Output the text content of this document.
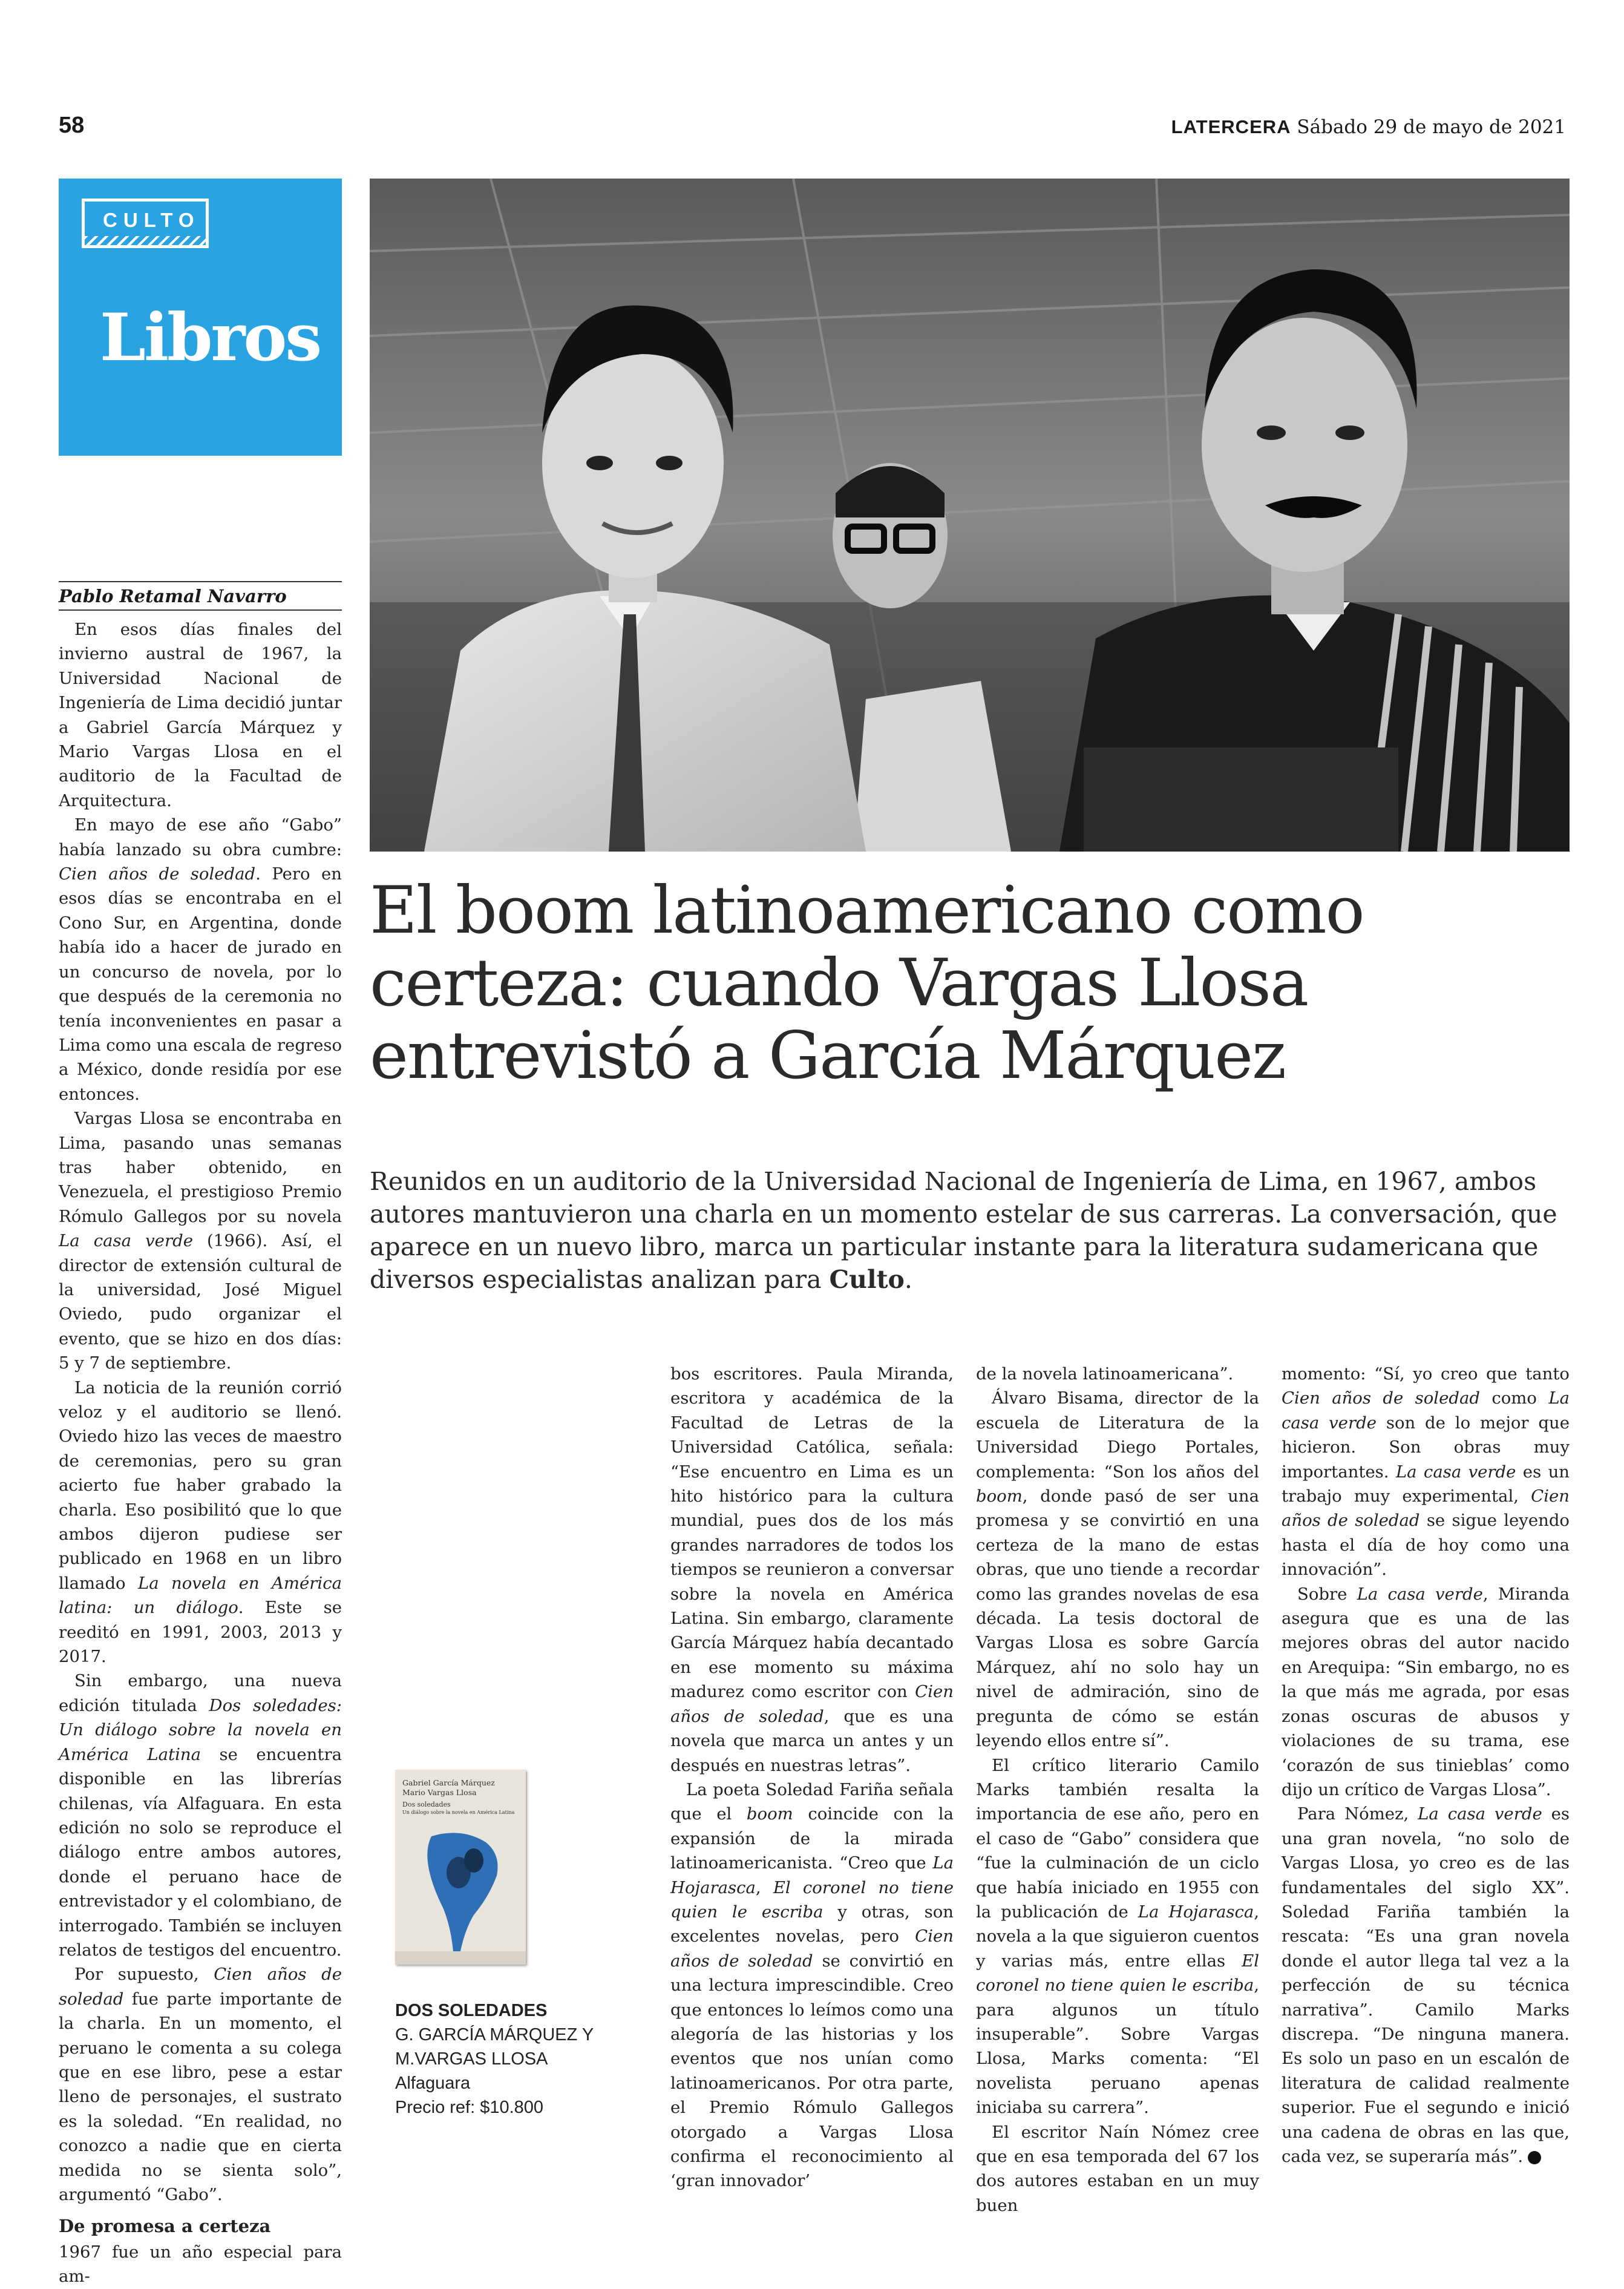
58	LATERCERA Sábado 29 de mayo de 2021
CULTO
Libros
El boom latinoamericano como certeza: cuando Vargas Llosa entrevistó a García Márquez
Reunidos en un auditorio de la Universidad Nacional de Ingeniería de Lima, en 1967, ambos autores mantuvieron una charla en un momento estelar de sus carreras. La conversación, que aparece en un nuevo libro, marca un particular instante para la literatura sudamericana que diversos especialistas analizan para Culto.
Pablo Retamal Navarro

En esos días finales del invierno austral de 1967, la Universidad Nacional de Ingeniería de Lima decidió juntar a Gabriel García Márquez y Mario Vargas Llosa en el auditorio de la Facultad de Arquitectura.

En mayo de ese año “Gabo” había lanzado su obra cumbre: Cien años de soledad. Pero en esos días se encontraba en el Cono Sur, en Argentina, donde había ido a hacer de jurado en un concurso de novela, por lo que después de la ceremonia no tenía inconvenientes en pasar a Lima como una escala de regreso a México, donde residía por ese entonces.

Vargas Llosa se encontraba en Lima, pasando unas semanas tras haber obtenido, en Venezuela, el prestigioso Premio Rómulo Gallegos por su novela La casa verde (1966). Así, el director de extensión cultural de la universidad, José Miguel Oviedo, pudo organizar el evento, que se hizo en dos días: 5 y 7 de septiembre.

La noticia de la reunión corrió veloz y el auditorio se llenó. Oviedo hizo las veces de maestro de ceremonias, pero su gran acierto fue haber grabado la charla. Eso posibilitó que lo que ambos dijeron pudiese ser publicado en 1968 en un libro llamado La novela en América latina: un diálogo. Este se reeditó en 1991, 2003, 2013 y 2017.

Sin embargo, una nueva edición titulada Dos soledades: Un diálogo sobre la novela en América Latina se encuentra disponible en las librerías chilenas, vía Alfaguara. En esta edición no solo se reproduce el diálogo entre ambos autores, donde el peruano hace de entrevistador y el colombiano, de interrogado. También se incluyen relatos de testigos del encuentro.

Por supuesto, Cien años de soledad fue parte importante de la charla. En un momento, el peruano le comenta a su colega que en ese libro, pese a estar lleno de personajes, el sustrato es la soledad. “En realidad, no conozco a nadie que en cierta medida no se sienta solo”, argumentó “Gabo”.

De promesa a certeza

1967 fue un año especial para am-

Gabriel García Márquez
Mario Vargas Llosa
Dos soledades
Un diálogo sobre la novela en América Latina
DOS SOLEDADES
G. GARCÍA MÁRQUEZ Y
M.VARGAS LLOSA
Alfaguara
Precio ref: $10.800

bos escritores. Paula Miranda, escritora y académica de la Facultad de Letras de la Universidad Católica, señala: “Ese encuentro en Lima es un hito histórico para la cultura mundial, pues dos de los más grandes narradores de todos los tiempos se reunieron a conversar sobre la novela en América Latina. Sin embargo, claramente García Márquez había decantado en ese momento su máxima madurez como escritor con Cien años de soledad, que es una novela que marca un antes y un después en nuestras letras”.

La poeta Soledad Fariña señala que el boom coincide con la expansión de la mirada latinoamericanista. “Creo que La Hojarasca, El coronel no tiene quien le escriba y otras, son excelentes novelas, pero Cien años de soledad se convirtió en una lectura imprescindible. Creo que entonces lo leímos como una alegoría de las historias y los eventos que nos unían como latinoamericanos. Por otra parte, el Premio Rómulo Gallegos otorgado a Vargas Llosa confirma el reconocimiento al ‘gran innovador’

de la novela latinoamericana”.

Álvaro Bisama, director de la escuela de Literatura de la Universidad Diego Portales, complementa: “Son los años del boom, donde pasó de ser una promesa y se convirtió en una certeza de la mano de estas obras, que uno tiende a recordar como las grandes novelas de esa década. La tesis doctoral de Vargas Llosa es sobre García Márquez, ahí no solo hay un nivel de admiración, sino de pregunta de cómo se están leyendo ellos entre sí”.

El crítico literario Camilo Marks también resalta la importancia de ese año, pero en el caso de “Gabo” considera que “fue la culminación de un ciclo que había iniciado en 1955 con la publicación de La Hojarasca, novela a la que siguieron cuentos y varias más, entre ellas El coronel no tiene quien le escriba, para algunos un título insuperable”. Sobre Vargas Llosa, Marks comenta: “El novelista peruano apenas iniciaba su carrera”.

El escritor Naín Nómez cree que en esa temporada del 67 los dos autores estaban en un muy buen

momento: “Sí, yo creo que tanto Cien años de soledad como La casa verde son de lo mejor que hicieron. Son obras muy importantes. La casa verde es un trabajo muy experimental, Cien años de soledad se sigue leyendo hasta el día de hoy como una innovación”.

Sobre La casa verde, Miranda asegura que es una de las mejores obras del autor nacido en Arequipa: “Sin embargo, no es la que más me agrada, por esas zonas oscuras de abusos y violaciones de su trama, ese ‘corazón de sus tinieblas’ como dijo un crítico de Vargas Llosa”.

Para Nómez, La casa verde es una gran novela, “no solo de Vargas Llosa, yo creo es de las fundamentales del siglo XX”. Soledad Fariña también la rescata: “Es una gran novela donde el autor llega tal vez a la perfección de su técnica narrativa”. Camilo Marks discrepa. “De ninguna manera. Es solo un paso en un escalón de literatura de calidad realmente superior. Fue el segundo e inició una cadena de obras en las que, cada vez, se superaría más”.
